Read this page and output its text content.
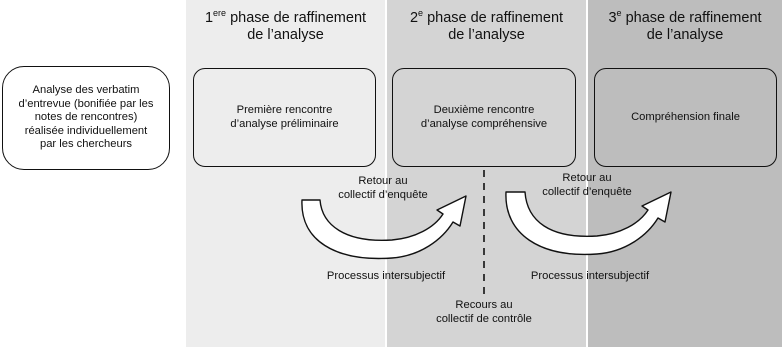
1ere phase de raffinement
de l’analyse
2e phase de raffinement
de l’analyse
3e phase de raffinement
de l’analyse
Analyse des verbatim
d’entrevue (bonifiée par les
notes de rencontres)
réalisée individuellement
par les chercheurs
Première rencontre
d’analyse préliminaire
Deuxième rencontre
d’analyse compréhensive
Compréhension finale
Retour au
collectif d’enquête
Processus intersubjectif
Retour au
collectif d’enquête
Processus intersubjectif
Recours au
collectif de contrôle
